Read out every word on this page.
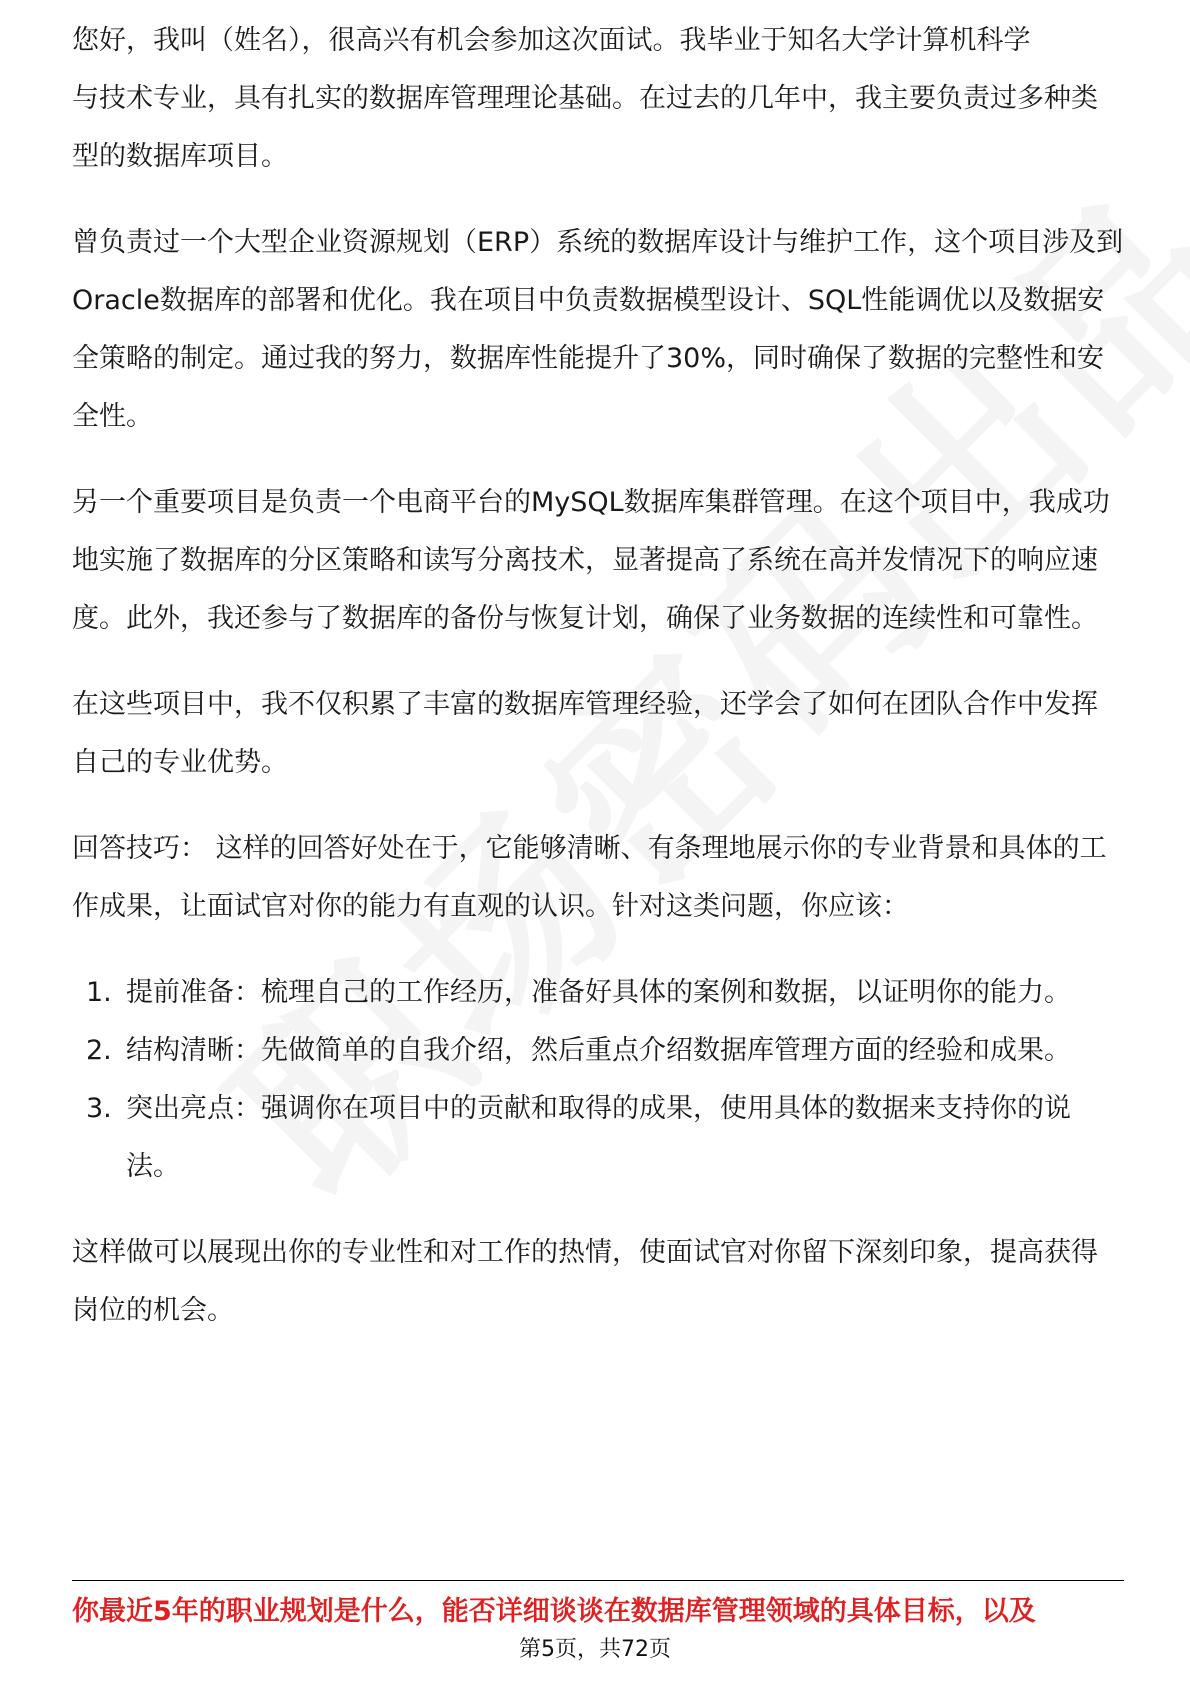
您好，我叫（姓名），很高兴有机会参加这次面试。我毕业于知名大学计算机科学

与技术专业，具有扎实的数据库管理理论基础。在过去的几年中，我主要负责过多种类型的数据库项目。

曾负责过一个大型企业资源规划（ERP）系统的数据库设计与维护工作，这个项目涉及到Oracle数据库的部署和优化。我在项目中负责数据模型设计、SQL性能调优以及数据安全策略的制定。通过我的努力，数据库性能提升了30%，同时确保了数据的完整性和安全性。

另一个重要项目是负责一个电商平台的MySQL数据库集群管理。在这个项目中，我成功地实施了数据库的分区策略和读写分离技术，显著提高了系统在高并发情况下的响应速度。此外，我还参与了数据库的备份与恢复计划，确保了业务数据的连续性和可靠性。

在这些项目中，我不仅积累了丰富的数据库管理经验，还学会了如何在团队合作中发挥自己的专业优势。

回答技巧： 这样的回答好处在于，它能够清晰、有条理地展示你的专业背景和具体的工作成果，让面试官对你的能力有直观的认识。针对这类问题，你应该：

1. 提前准备：梳理自己的工作经历，准备好具体的案例和数据，以证明你的能力。
2. 结构清晰：先做简单的自我介绍，然后重点介绍数据库管理方面的经验和成果。
3. 突出亮点：强调你在项目中的贡献和取得的成果，使用具体的数据来支持你的说法。

这样做可以展现出你的专业性和对工作的热情，使面试官对你留下深刻印象，提高获得岗位的机会。

你最近5年的职业规划是什么，能否详细谈谈在数据库管理领域的具体目标，以及
第5页，共72页
